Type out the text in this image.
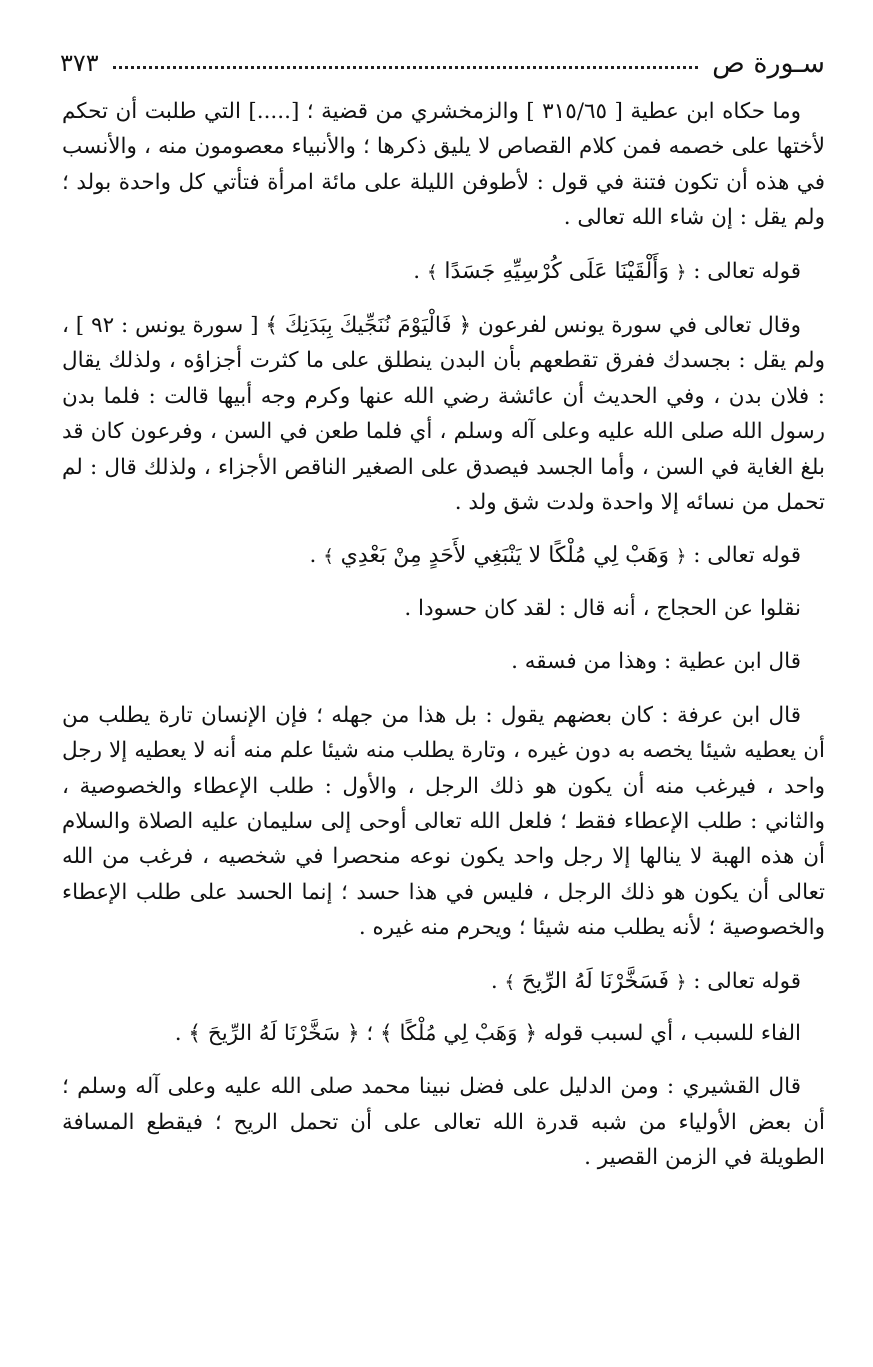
سـورة ص
٣٧٣

وما حكاه ابن عطية [ ٣١٥/٦٥ ] والزمخشري من قضية ؛ [.....] التي طلبت أن تحكم لأختها على خصمه فمن كلام القصاص لا يليق ذكرها ؛ والأنبياء معصومون منه ، والأنسب في هذه أن تكون فتنة في قول : لأطوفن الليلة على مائة امرأة فتأتي كل واحدة بولد ؛ ولم يقل : إن شاء الله تعالى .

قوله تعالى : ﴿ وَأَلْقَيْنَا عَلَى كُرْسِيِّهِ جَسَدًا ﴾ .

وقال تعالى في سورة يونس لفرعون ﴿ فَالْيَوْمَ نُنَجِّيكَ بِبَدَنِكَ ﴾ [ سورة يونس : ٩٢ ] ، ولم يقل : بجسدك ففرق تقطعهم بأن البدن ينطلق على ما كثرت أجزاؤه ، ولذلك يقال : فلان بدن ، وفي الحديث أن عائشة رضي الله عنها وكرم وجه أبيها قالت : فلما بدن رسول الله صلى الله عليه وعلى آله وسلم ، أي فلما طعن في السن ، وفرعون كان قد بلغ الغاية في السن ، وأما الجسد فيصدق على الصغير الناقص الأجزاء ، ولذلك قال : لم تحمل من نسائه إلا واحدة ولدت شق ولد .

قوله تعالى : ﴿ وَهَبْ لِي مُلْكًا لا يَنْبَغِي لأَحَدٍ مِنْ بَعْدِي ﴾ .

نقلوا عن الحجاج ، أنه قال : لقد كان حسودا .

قال ابن عطية : وهذا من فسقه .

قال ابن عرفة : كان بعضهم يقول : بل هذا من جهله ؛ فإن الإنسان تارة يطلب من أن يعطيه شيئا يخصه به دون غيره ، وتارة يطلب منه شيئا علم منه أنه لا يعطيه إلا رجل واحد ، فيرغب منه أن يكون هو ذلك الرجل ، والأول : طلب الإعطاء والخصوصية ، والثاني : طلب الإعطاء فقط ؛ فلعل الله تعالى أوحى إلى سليمان عليه الصلاة والسلام أن هذه الهبة لا ينالها إلا رجل واحد يكون نوعه منحصرا في شخصيه ، فرغب من الله تعالى أن يكون هو ذلك الرجل ، فليس في هذا حسد ؛ إنما الحسد على طلب الإعطاء والخصوصية ؛ لأنه يطلب منه شيئا ؛ ويحرم منه غيره .

قوله تعالى : ﴿ فَسَخَّرْنَا لَهُ الرِّيحَ ﴾ .

الفاء للسبب ، أي لسبب قوله ﴿ وَهَبْ لِي مُلْكًا ﴾ ؛ ﴿ سَخَّرْنَا لَهُ الرِّيحَ ﴾ .

قال القشيري : ومن الدليل على فضل نبينا محمد صلى الله عليه وعلى آله وسلم ؛ أن بعض الأولياء من شبه قدرة الله تعالى على أن تحمل الريح ؛ فيقطع المسافة الطويلة في الزمن القصير .
